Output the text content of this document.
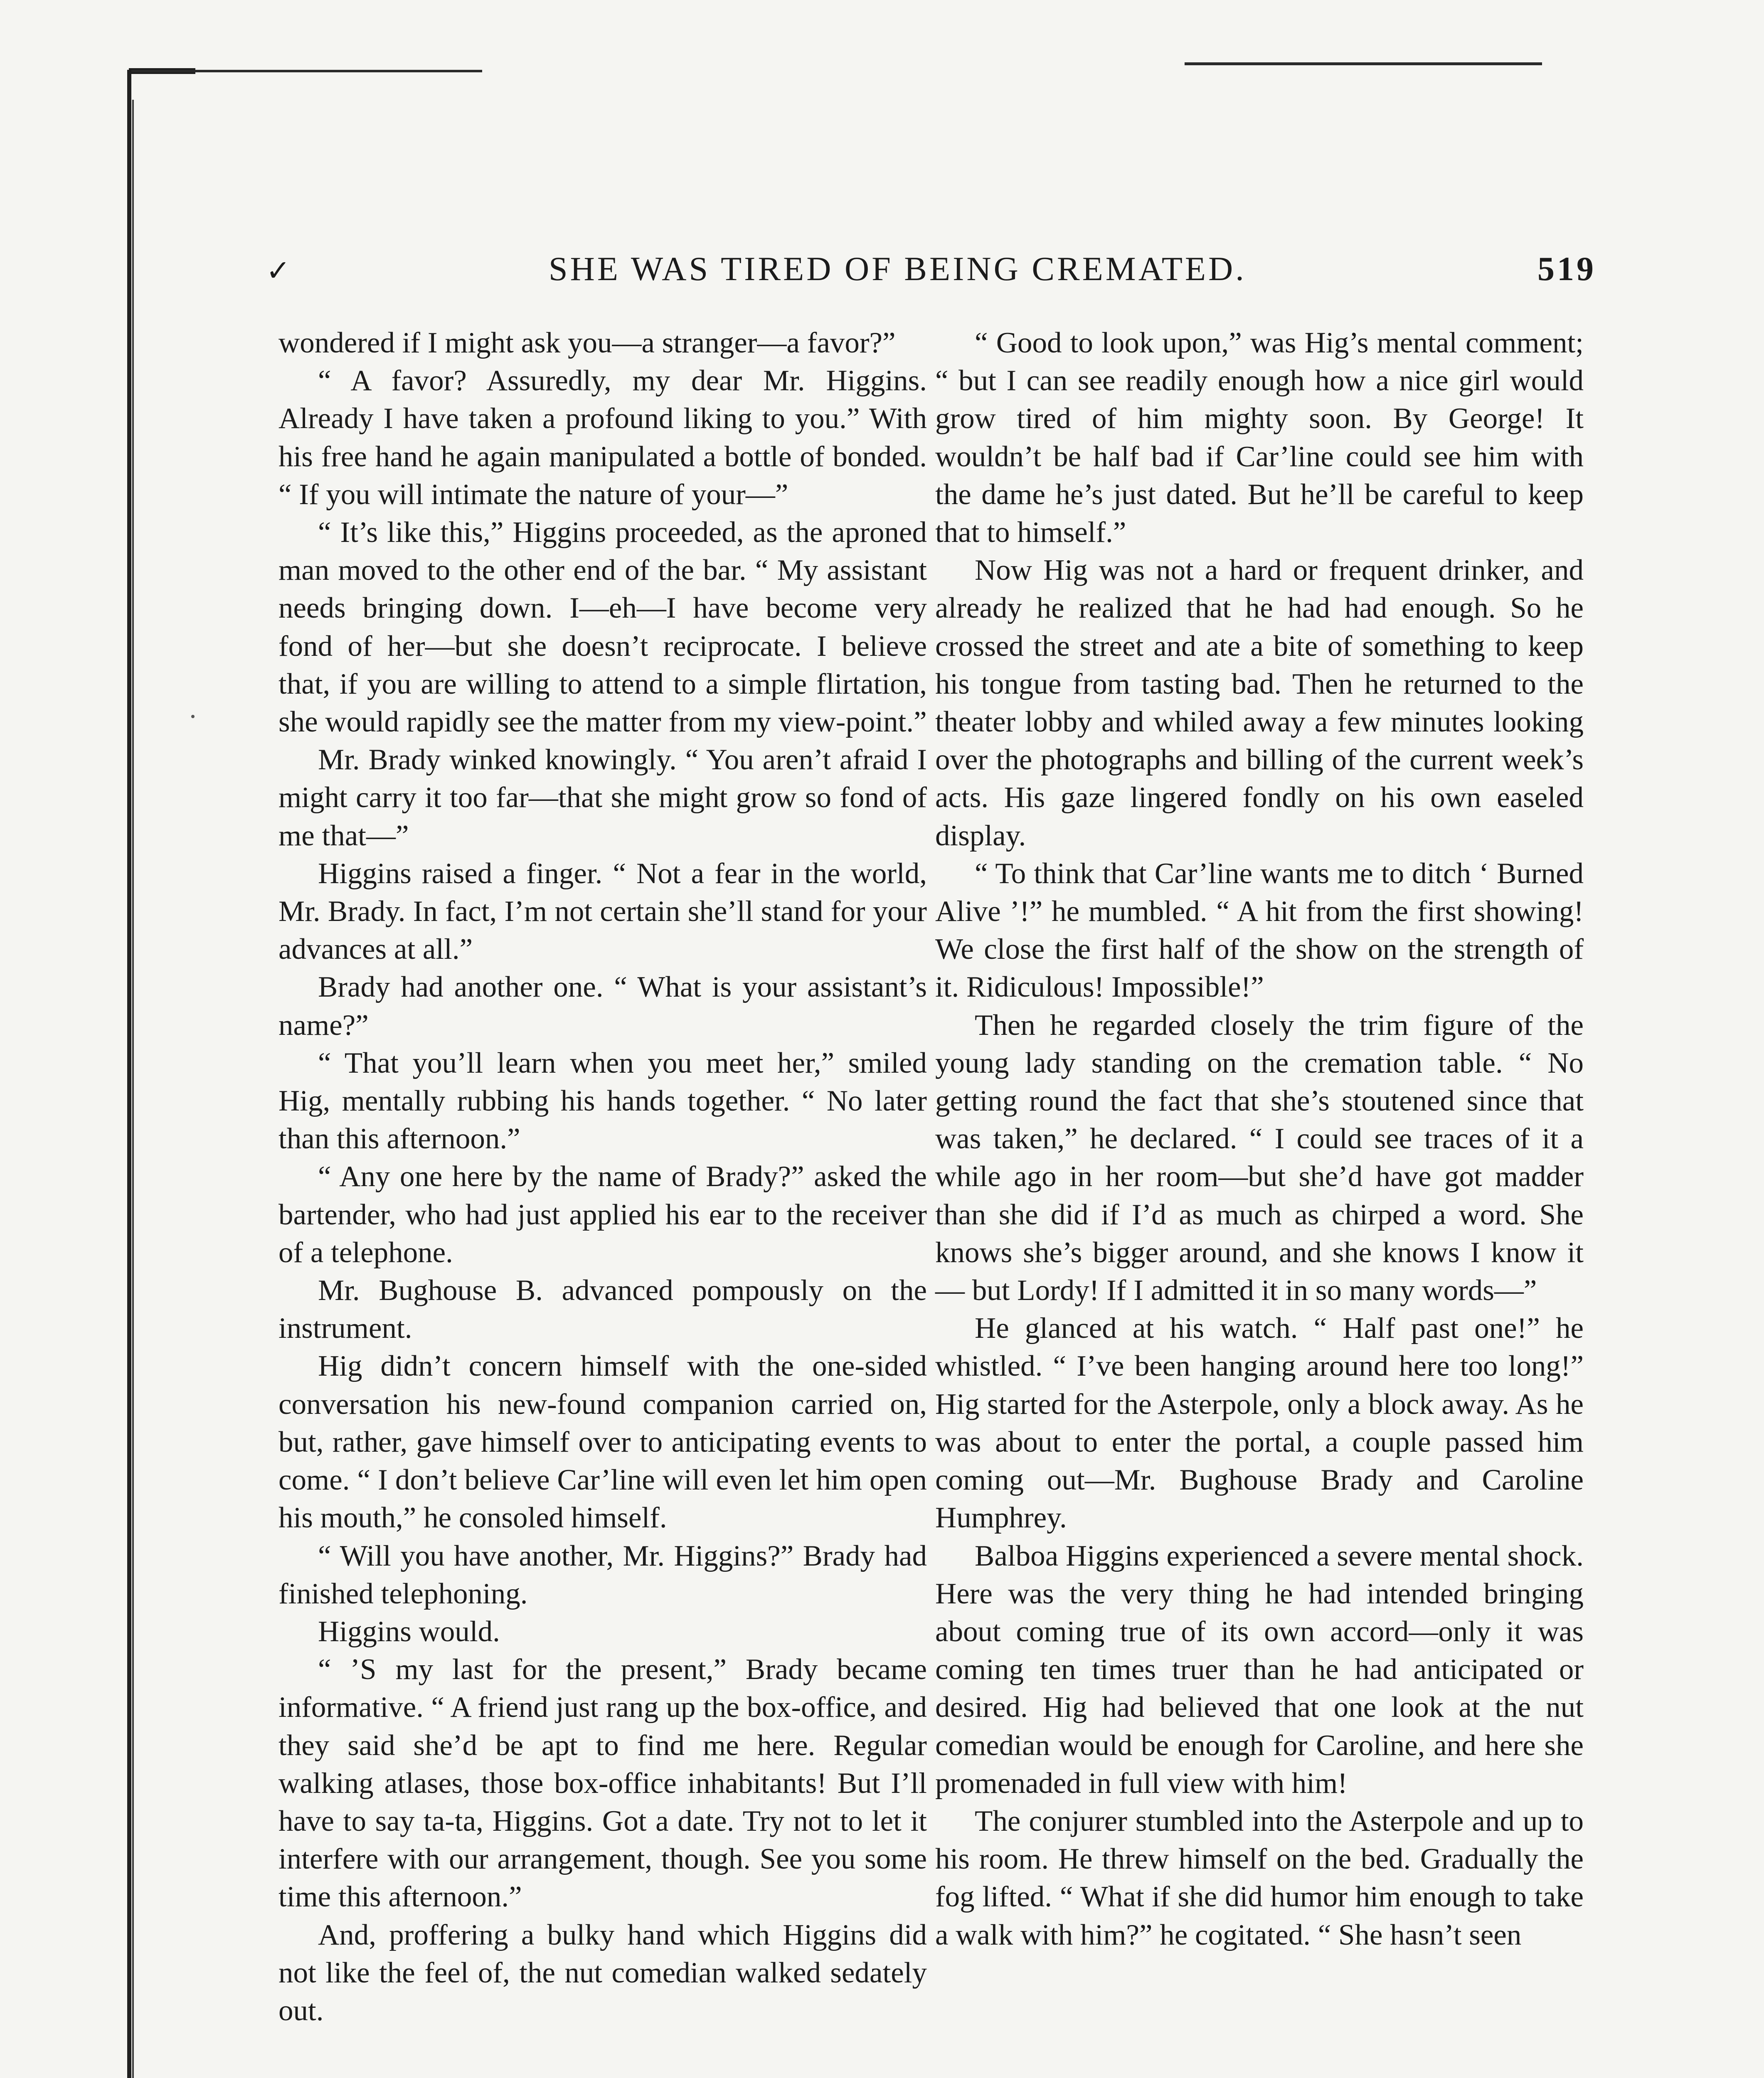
✓	SHE WAS TIRED OF BEING CREMATED.	519

wondered if I might ask you—a stranger—a favor?”

“ A favor? Assuredly, my dear Mr. Higgins. Already I have taken a profound liking to you.” With his free hand he again manipulated a bottle of bonded. “ If you will intimate the nature of your—”

“ It’s like this,” Higgins proceeded, as the aproned man moved to the other end of the bar. “ My assistant needs bringing down. I—eh—I have become very fond of her—but she doesn’t reciprocate. I believe that, if you are willing to attend to a simple flirtation, she would rapidly see the matter from my view-point.”

Mr. Brady winked knowingly. “ You aren’t afraid I might carry it too far—that she might grow so fond of me that—”

Higgins raised a finger. “ Not a fear in the world, Mr. Brady. In fact, I’m not certain she’ll stand for your advances at all.”

Brady had another one. “ What is your assistant’s name?”

“ That you’ll learn when you meet her,” smiled Hig, mentally rubbing his hands together. “ No later than this afternoon.”

“ Any one here by the name of Brady?” asked the bartender, who had just applied his ear to the receiver of a telephone.

Mr. Bughouse B. advanced pompously on the instrument.

Hig didn’t concern himself with the one-sided conversation his new-found companion carried on, but, rather, gave himself over to anticipating events to come. “ I don’t believe Car’line will even let him open his mouth,” he consoled himself.

“ Will you have another, Mr. Higgins?” Brady had finished telephoning.

Higgins would.

“ ’S my last for the present,” Brady became informative. “ A friend just rang up the box-office, and they said she’d be apt to find me here. Regular walking atlases, those box-office inhabitants! But I’ll have to say ta-ta, Higgins. Got a date. Try not to let it interfere with our arrangement, though. See you some time this afternoon.”

And, proffering a bulky hand which Higgins did not like the feel of, the nut comedian walked sedately out.

“ Good to look upon,” was Hig’s mental comment; “ but I can see readily enough how a nice girl would grow tired of him mighty soon. By George! It wouldn’t be half bad if Car’line could see him with the dame he’s just dated. But he’ll be careful to keep that to himself.”

Now Hig was not a hard or frequent drinker, and already he realized that he had had enough. So he crossed the street and ate a bite of something to keep his tongue from tasting bad. Then he returned to the theater lobby and whiled away a few minutes looking over the photographs and billing of the current week’s acts. His gaze lingered fondly on his own easeled display.

“ To think that Car’line wants me to ditch ‘ Burned Alive ’!” he mumbled. “ A hit from the first showing! We close the first half of the show on the strength of it. Ridiculous! Impossible!”

Then he regarded closely the trim figure of the young lady standing on the cremation table. “ No getting round the fact that she’s stoutened since that was taken,” he declared. “ I could see traces of it a while ago in her room—but she’d have got madder than she did if I’d as much as chirped a word. She knows she’s bigger around, and she knows I know it — but Lordy! If I admitted it in so many words—”

He glanced at his watch. “ Half past one!” he whistled. “ I’ve been hanging around here too long!” Hig started for the Asterpole, only a block away. As he was about to enter the portal, a couple passed him coming out—Mr. Bughouse Brady and Caroline Humphrey.

Balboa Higgins experienced a severe mental shock. Here was the very thing he had intended bringing about coming true of its own accord—only it was coming ten times truer than he had anticipated or desired. Hig had believed that one look at the nut comedian would be enough for Caroline, and here she promenaded in full view with him!

The conjurer stumbled into the Asterpole and up to his room. He threw himself on the bed. Gradually the fog lifted. “ What if she did humor him enough to take a walk with him?” he cogitated. “ She hasn’t seen
